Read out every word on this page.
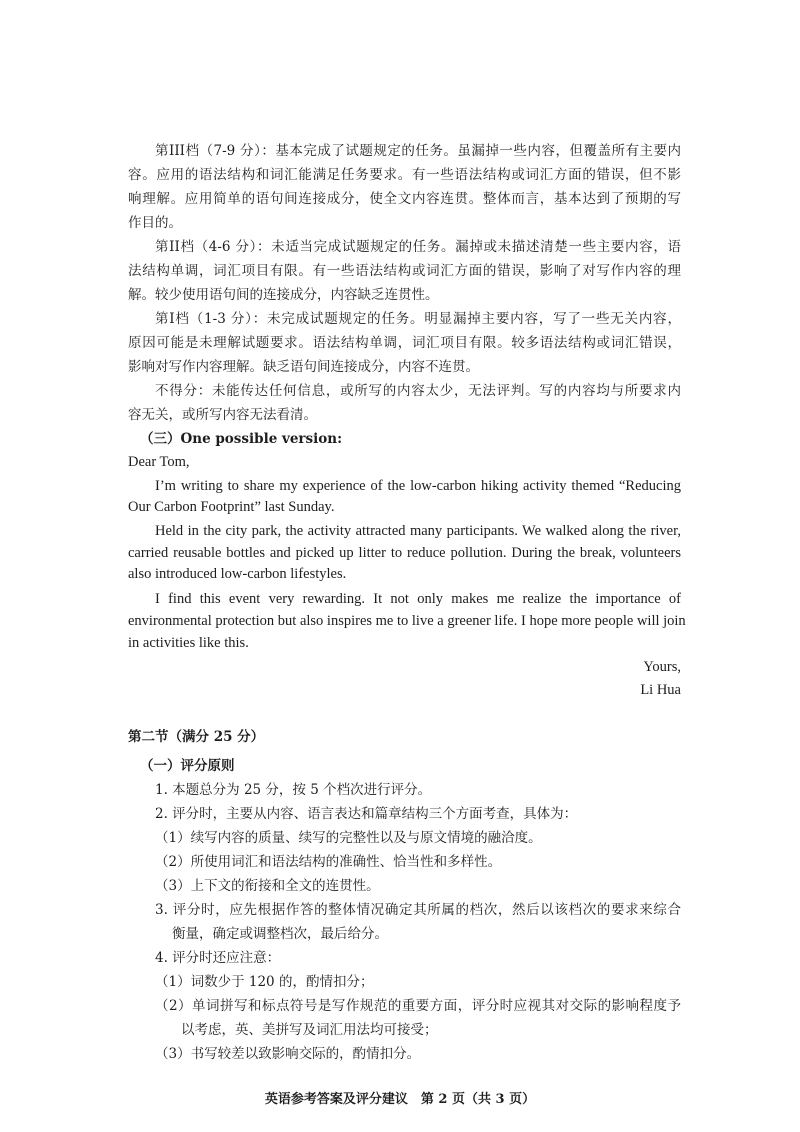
第III档（7-9 分）：基本完成了试题规定的任务。虽漏掉一些内容，但覆盖所有主要内
容。应用的语法结构和词汇能满足任务要求。有一些语法结构或词汇方面的错误，但不影
响理解。应用简单的语句间连接成分，使全文内容连贯。整体而言，基本达到了预期的写
作目的。
第II档（4-6 分）：未适当完成试题规定的任务。漏掉或未描述清楚一些主要内容，语
法结构单调，词汇项目有限。有一些语法结构或词汇方面的错误，影响了对写作内容的理
解。较少使用语句间的连接成分，内容缺乏连贯性。
第I档（1-3 分）：未完成试题规定的任务。明显漏掉主要内容，写了一些无关内容，
原因可能是未理解试题要求。语法结构单调，词汇项目有限。较多语法结构或词汇错误，
影响对写作内容理解。缺乏语句间连接成分，内容不连贯。
不得分：未能传达任何信息，或所写的内容太少，无法评判。写的内容均与所要求内
容无关，或所写内容无法看清。
（三）One possible version:
Dear Tom,
I’m writing to share my experience of the low-carbon hiking activity themed “Reducing
Our Carbon Footprint” last Sunday.
Held in the city park, the activity attracted many participants. We walked along the river,
carried reusable bottles and picked up litter to reduce pollution. During the break, volunteers
also introduced low-carbon lifestyles.
I find this event very rewarding. It not only makes me realize the importance of
environmental protection but also inspires me to live a greener life. I hope more people will join
in activities like this.
Yours,
Li Hua
第二节（满分 25 分）
（一）评分原则
1. 本题总分为 25 分，按 5 个档次进行评分。
2. 评分时，主要从内容、语言表达和篇章结构三个方面考查，具体为：
（1）续写内容的质量、续写的完整性以及与原文情境的融洽度。
（2）所使用词汇和语法结构的准确性、恰当性和多样性。
（3）上下文的衔接和全文的连贯性。
3. 评分时，应先根据作答的整体情况确定其所属的档次，然后以该档次的要求来综合
衡量，确定或调整档次，最后给分。
4. 评分时还应注意：
（1）词数少于 120 的，酌情扣分；
（2）单词拼写和标点符号是写作规范的重要方面，评分时应视其对交际的影响程度予
以考虑，英、美拼写及词汇用法均可接受；
（3）书写较差以致影响交际的，酌情扣分。
英语参考答案及评分建议　第 2 页（共 3 页）
